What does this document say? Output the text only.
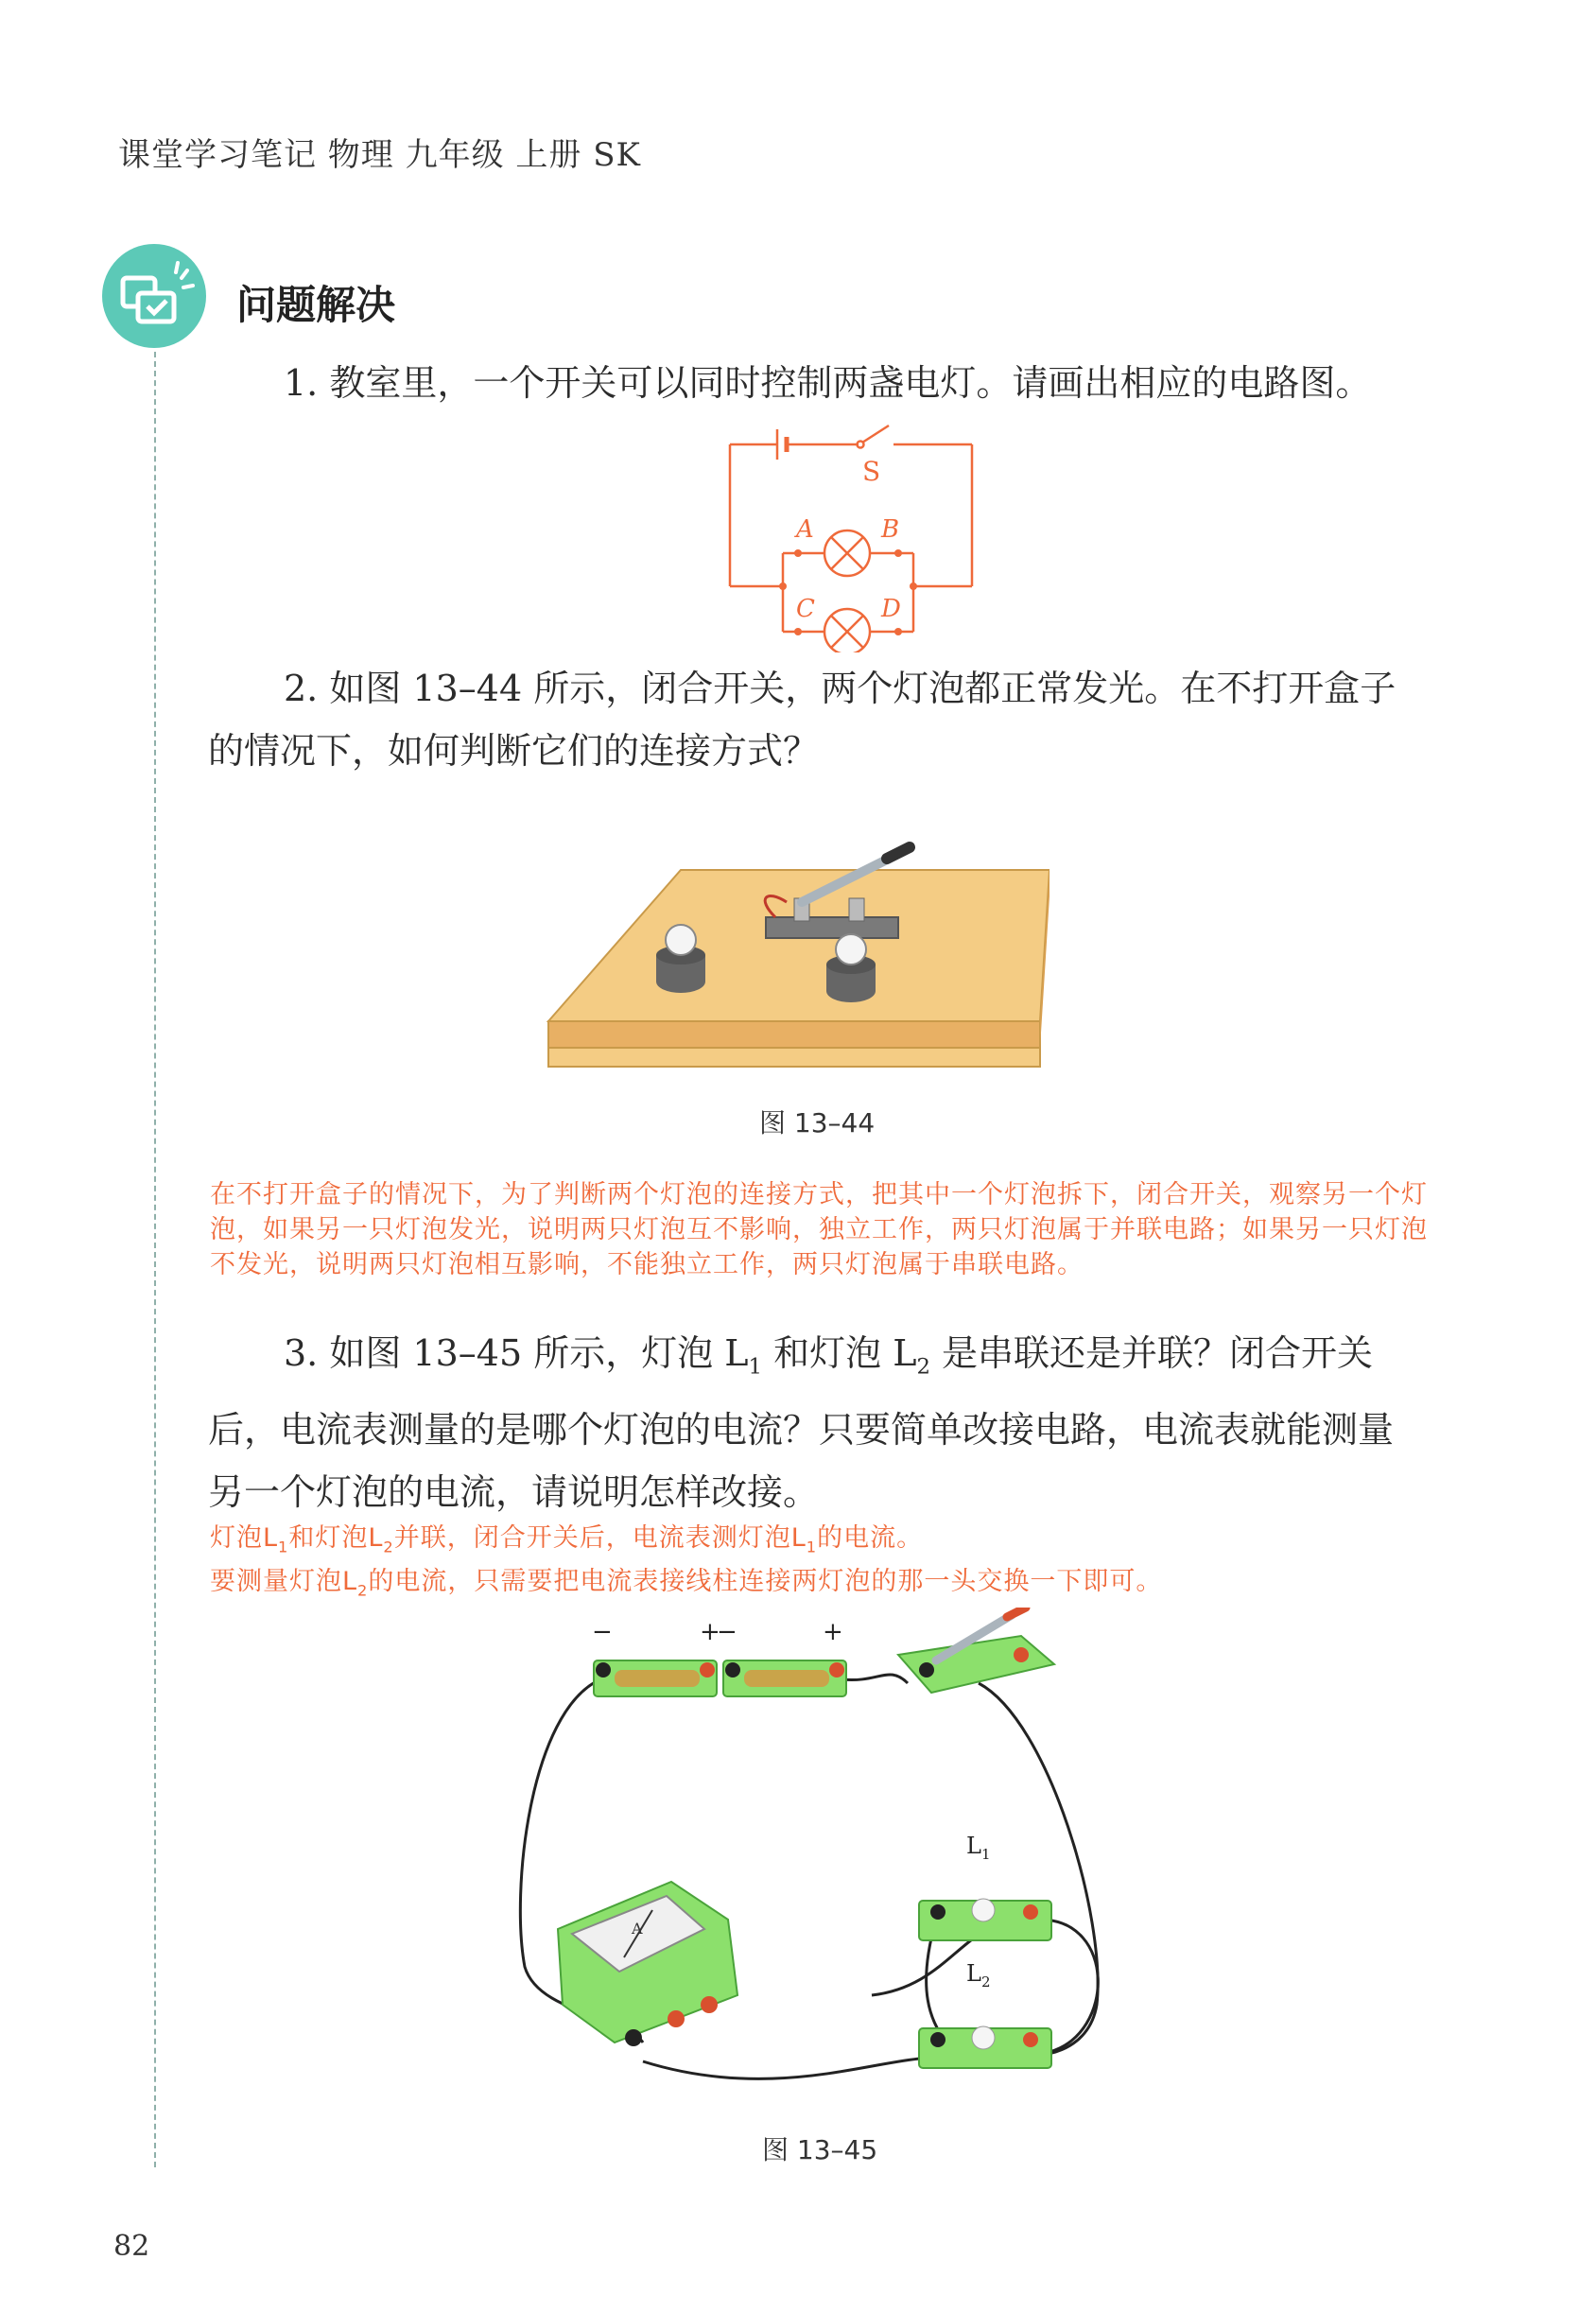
课堂学习笔记 物理 九年级 上册 SK
问题解决
1. 教室里，一个开关可以同时控制两盏电灯。请画出相应的电路图。
S
A	B
C	D
2. 如图 13–44 所示，闭合开关，两个灯泡都正常发光。在不打开盒子的情况下，如何判断它们的连接方式？
图 13–44
在不打开盒子的情况下，为了判断两个灯泡的连接方式，把其中一个灯泡拆下，闭合开关，观察另一个灯泡，如果另一只灯泡发光，说明两只灯泡互不影响，独立工作，两只灯泡属于并联电路；如果另一只灯泡不发光，说明两只灯泡相互影响，不能独立工作，两只灯泡属于串联电路。
3. 如图 13–45 所示，灯泡 $L_1$ 和灯泡 $L_2$ 是串联还是并联？闭合开关后，电流表测量的是哪个灯泡的电流？只要简单改接电路，电流表就能测量另一个灯泡的电流，请说明怎样改接。
灯泡$L_1$和灯泡$L_2$并联，闭合开关后，电流表测灯泡$L_1$的电流。
要测量灯泡$L_2$的电流，只需要把电流表接线柱连接两灯泡的那一头交换一下即可。
−	+
−	+
$L_1$
$L_2$
A
图 13–45
82
